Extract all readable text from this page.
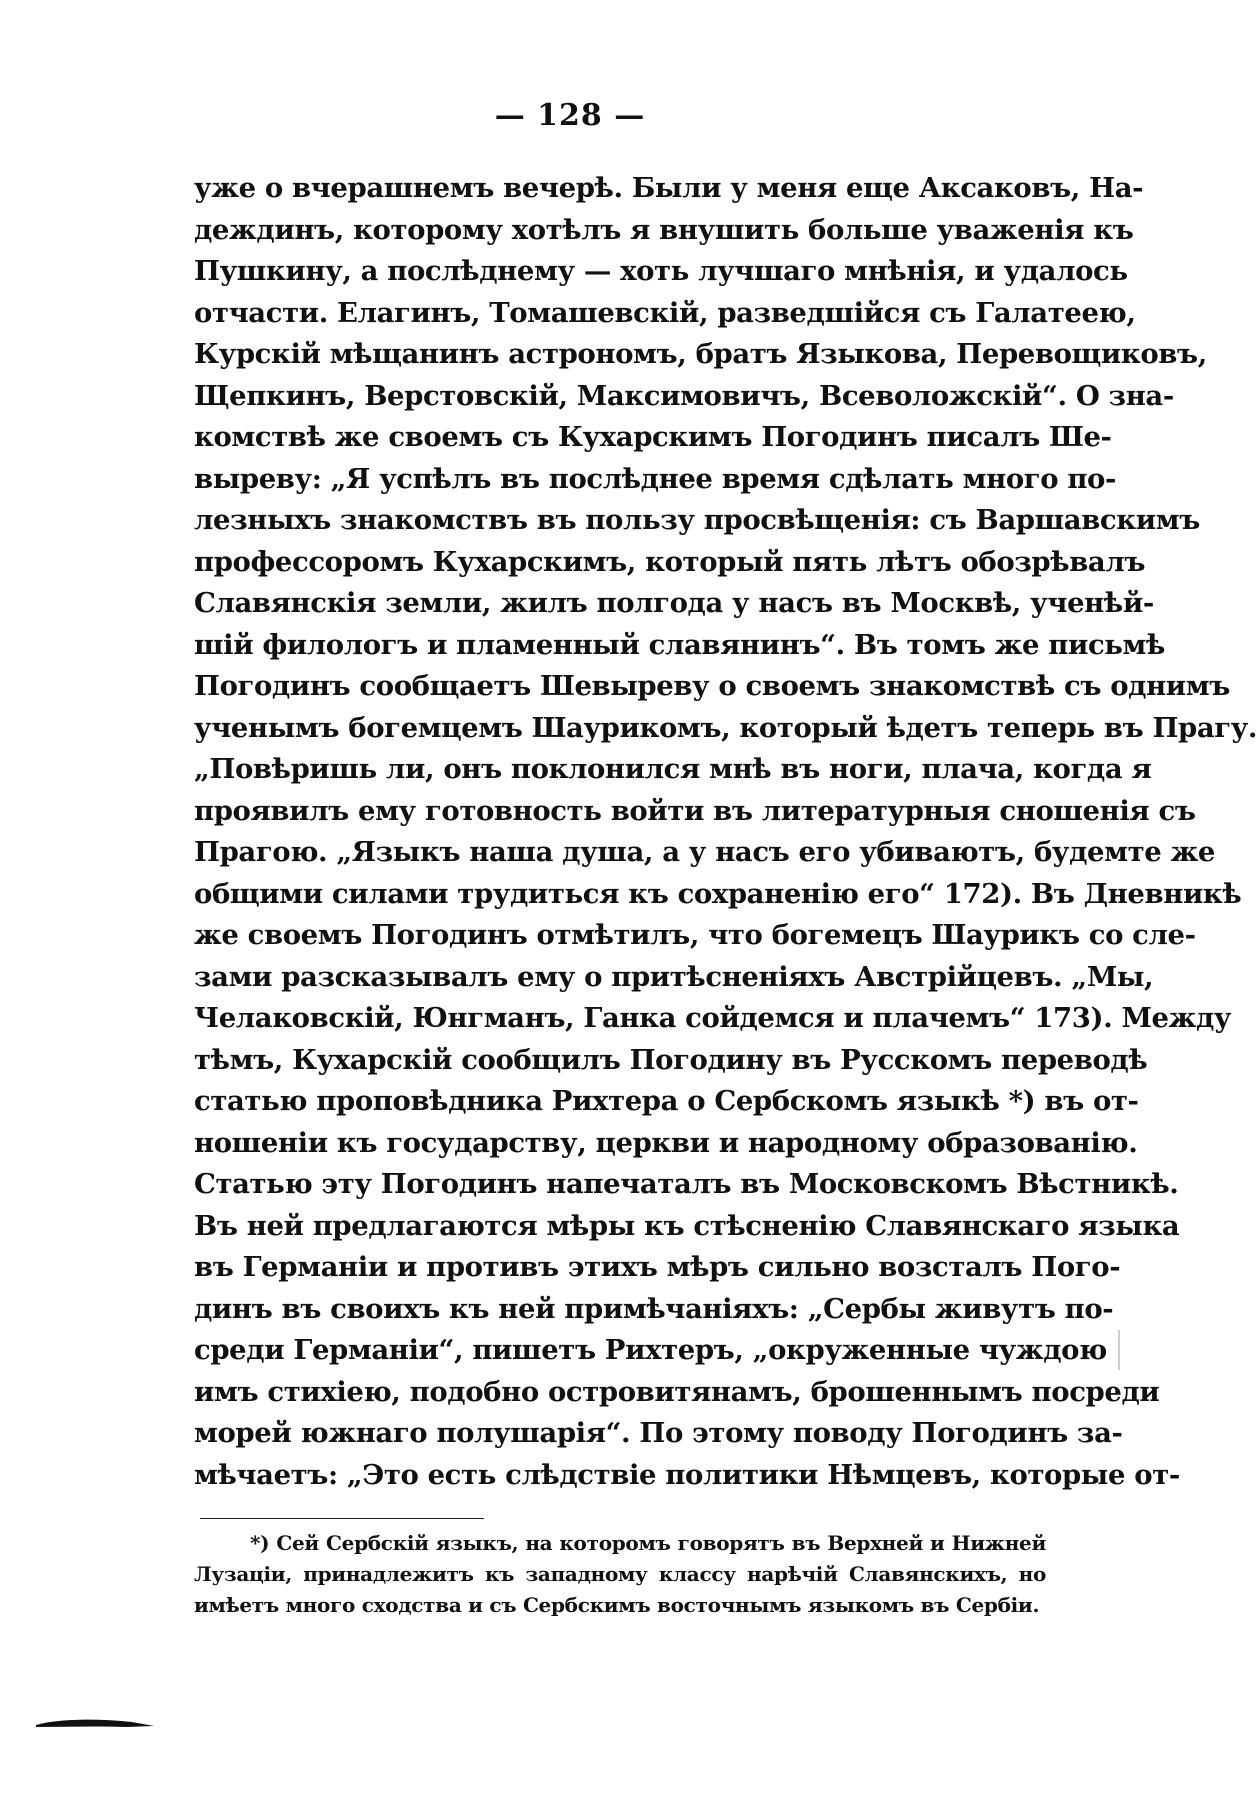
— 128 —
уже о вчерашнемъ вечерѣ. Были у меня еще Аксаковъ, На-
деждинъ, которому хотѣлъ я внушить больше уваженія къ
Пушкину, а послѣднему — хоть лучшаго мнѣнія, и удалось
отчасти. Елагинъ, Томашевскій, разведшійся съ Галатеею,
Курскій мѣщанинъ астрономъ, братъ Языкова, Перевощиковъ,
Щепкинъ, Верстовскій, Максимовичъ, Всеволожскій“. О зна-
комствѣ же своемъ съ Кухарскимъ Погодинъ писалъ Ше-
выреву: „Я успѣлъ въ послѣднее время сдѣлать много по-
лезныхъ знакомствъ въ пользу просвѣщенія: съ Варшавскимъ
профессоромъ Кухарскимъ, который пять лѣтъ обозрѣвалъ
Славянскія земли, жилъ полгода у насъ въ Москвѣ, ученѣй-
шій филологъ и пламенный славянинъ“. Въ томъ же письмѣ
Погодинъ сообщаетъ Шевыреву о своемъ знакомствѣ съ однимъ
ученымъ богемцемъ Шаурикомъ, который ѣдетъ теперь въ Прагу.
„Повѣришь ли, онъ поклонился мнѣ въ ноги, плача, когда я
проявилъ ему готовность войти въ литературныя сношенія съ
Прагою. „Языкъ наша душа, а у насъ его убиваютъ, будемте же
общими силами трудиться къ сохраненію его“ 172). Въ Дневникѣ
же своемъ Погодинъ отмѣтилъ, что богемецъ Шаурикъ со сле-
зами разсказывалъ ему о притѣсненіяхъ Австрійцевъ. „Мы,
Челаковскій, Юнгманъ, Ганка сойдемся и плачемъ“ 173). Между
тѣмъ, Кухарскій сообщилъ Погодину въ Русскомъ переводѣ
статью проповѣдника Рихтера о Сербскомъ языкѣ *) въ от-
ношеніи къ государству, церкви и народному образованію.
Статью эту Погодинъ напечаталъ въ Московскомъ Вѣстникѣ.
Въ ней предлагаются мѣры къ стѣсненію Славянскаго языка
въ Германіи и противъ этихъ мѣръ сильно возсталъ Пого-
динъ въ своихъ къ ней примѣчаніяхъ: „Сербы живутъ по-
среди Германіи“, пишетъ Рихтеръ, „окруженные чуждою
имъ стихіею, подобно островитянамъ, брошеннымъ посреди
морей южнаго полушарія“. По этому поводу Погодинъ за-
мѣчаетъ: „Это есть слѣдствіе политики Нѣмцевъ, которые от-
*) Сей Сербскій языкъ, на которомъ говорятъ въ Верхней и Нижней
Лузаціи, принадлежитъ къ западному классу нарѣчій Славянскихъ, но
имѣетъ много сходства и съ Сербскимъ восточнымъ языкомъ въ Сербіи.
